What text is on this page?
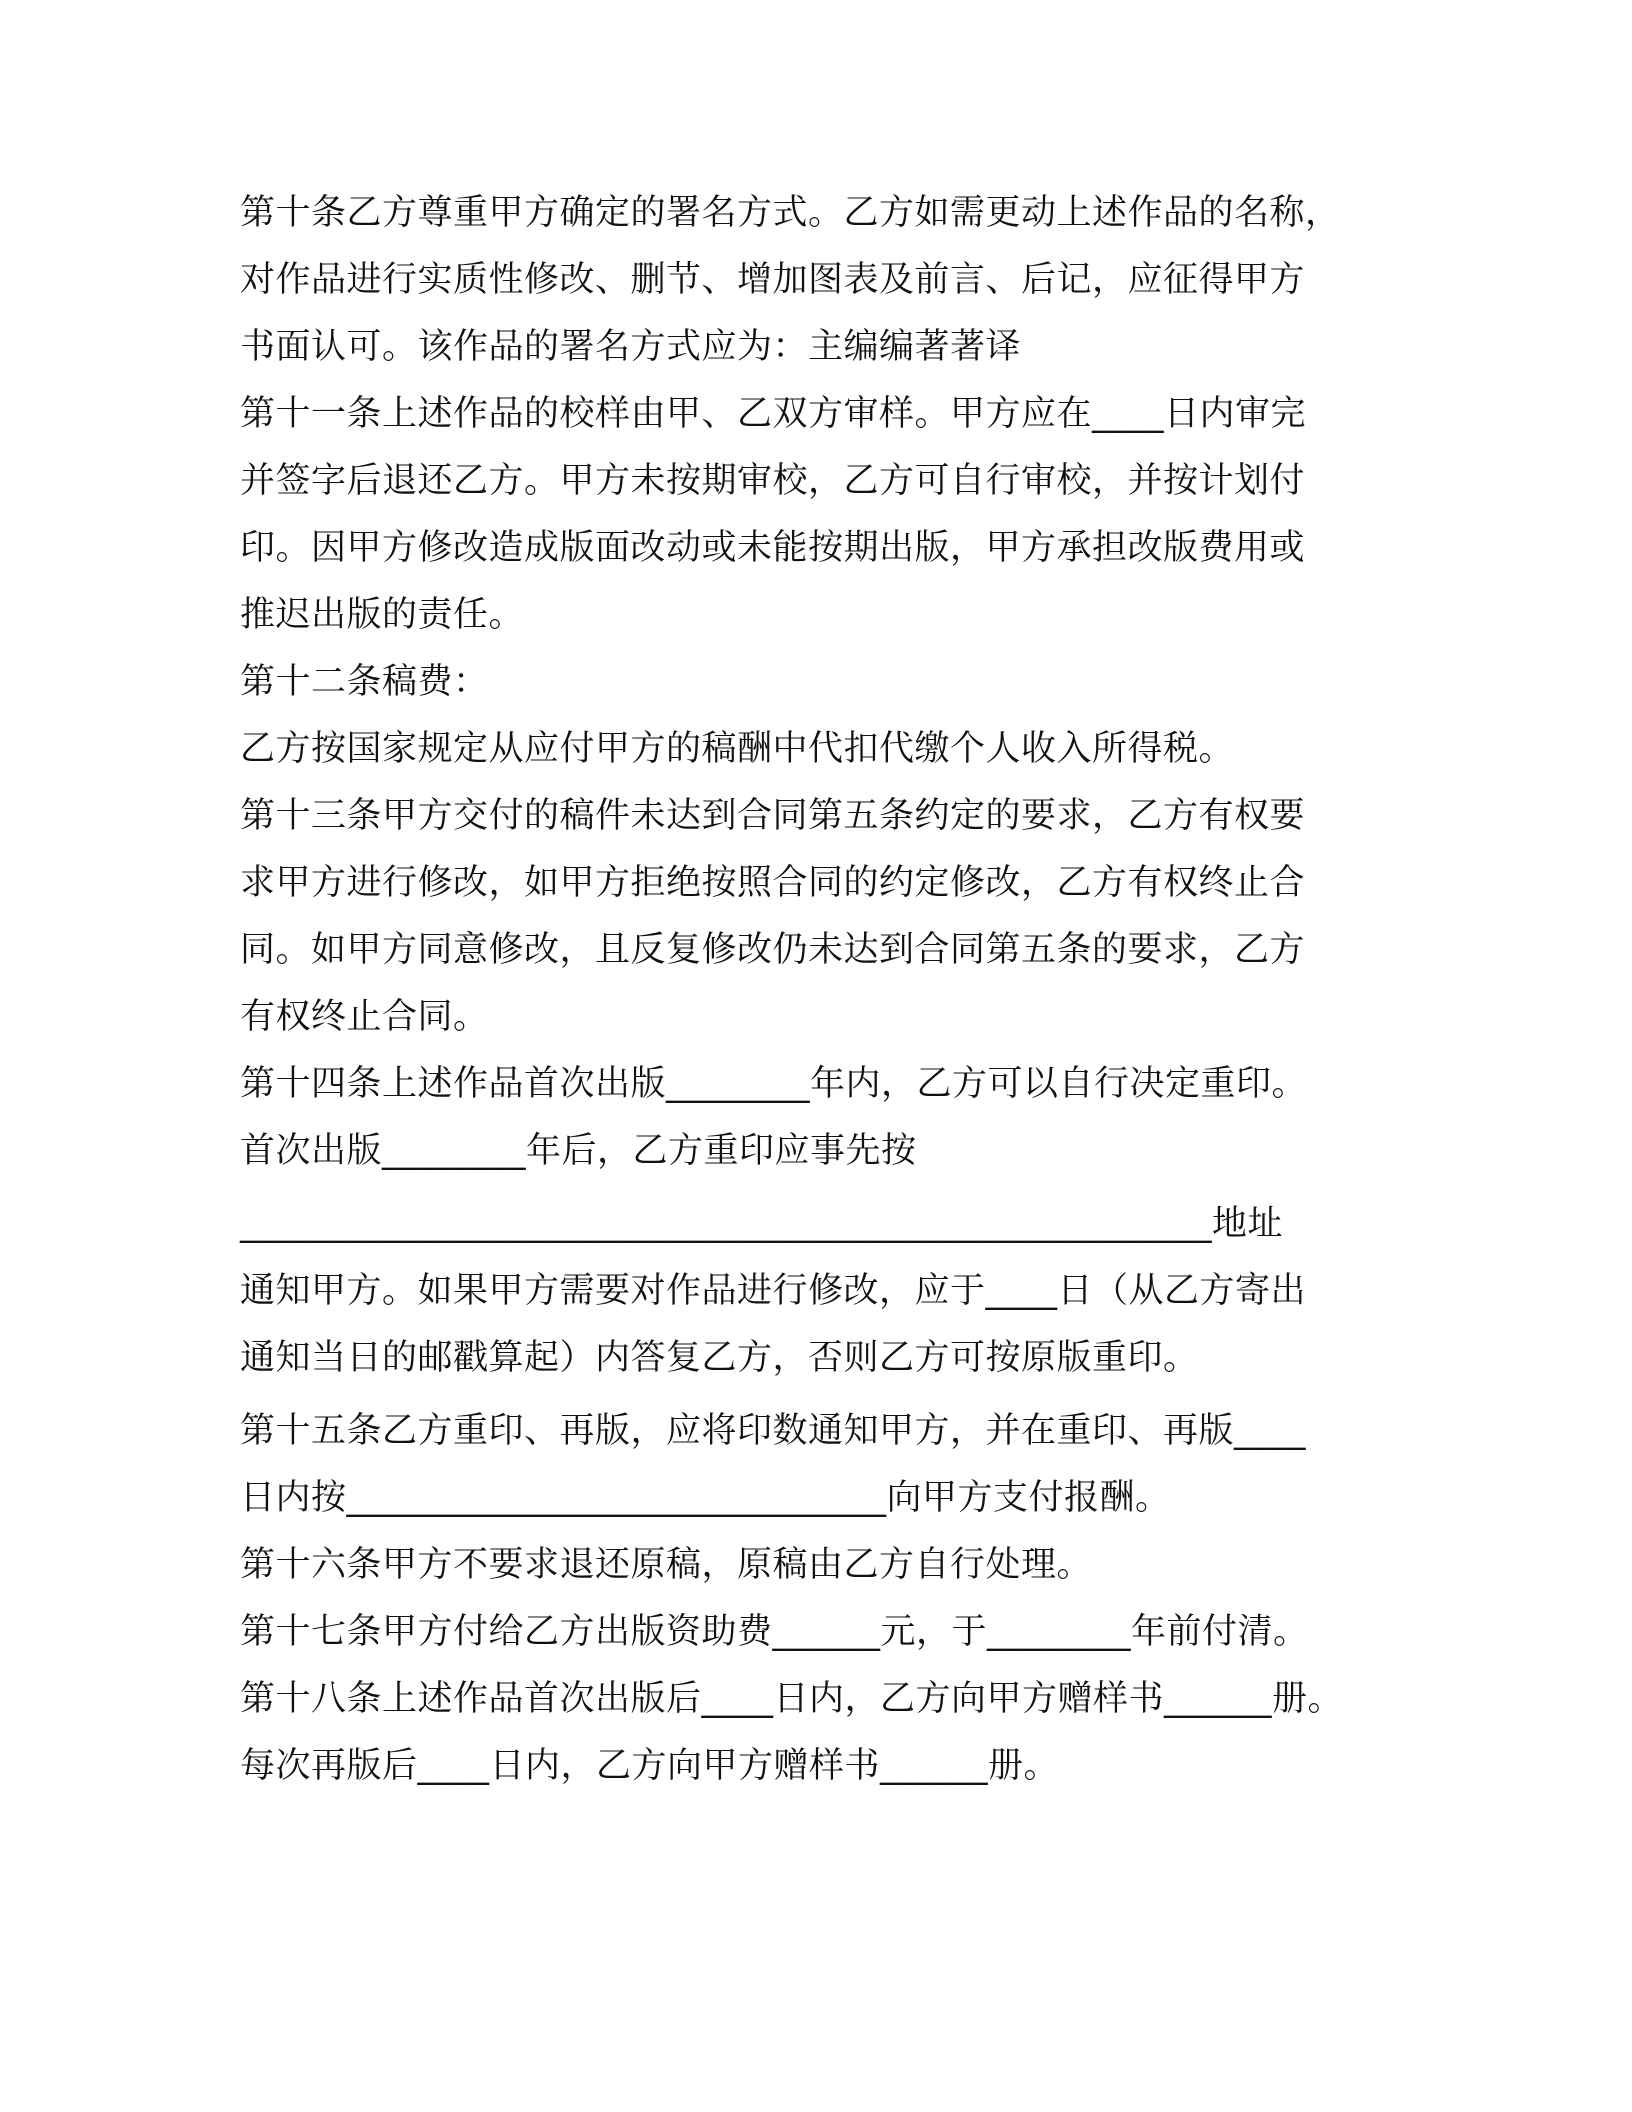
第十条乙方尊重甲方确定的署名方式。乙方如需更动上述作品的名称，
对作品进行实质性修改、删节、增加图表及前言、后记，应征得甲方
书面认可。该作品的署名方式应为：主编编著著译
第十一条上述作品的校样由甲、乙双方审样。甲方应在____日内审完
并签字后退还乙方。甲方未按期审校，乙方可自行审校，并按计划付
印。因甲方修改造成版面改动或未能按期出版，甲方承担改版费用或
推迟出版的责任。
第十二条稿费：
乙方按国家规定从应付甲方的稿酬中代扣代缴个人收入所得税。
第十三条甲方交付的稿件未达到合同第五条约定的要求，乙方有权要
求甲方进行修改，如甲方拒绝按照合同的约定修改，乙方有权终止合
同。如甲方同意修改，且反复修改仍未达到合同第五条的要求，乙方
有权终止合同。
第十四条上述作品首次出版________年内，乙方可以自行决定重印。
首次出版________年后，乙方重印应事先按
______________________________________________________地址
通知甲方。如果甲方需要对作品进行修改，应于____日（从乙方寄出
通知当日的邮戳算起）内答复乙方，否则乙方可按原版重印。
第十五条乙方重印、再版，应将印数通知甲方，并在重印、再版____
日内按______________________________向甲方支付报酬。
第十六条甲方不要求退还原稿，原稿由乙方自行处理。
第十七条甲方付给乙方出版资助费______元，于________年前付清。
第十八条上述作品首次出版后____日内，乙方向甲方赠样书______册。
每次再版后____日内，乙方向甲方赠样书______册。
